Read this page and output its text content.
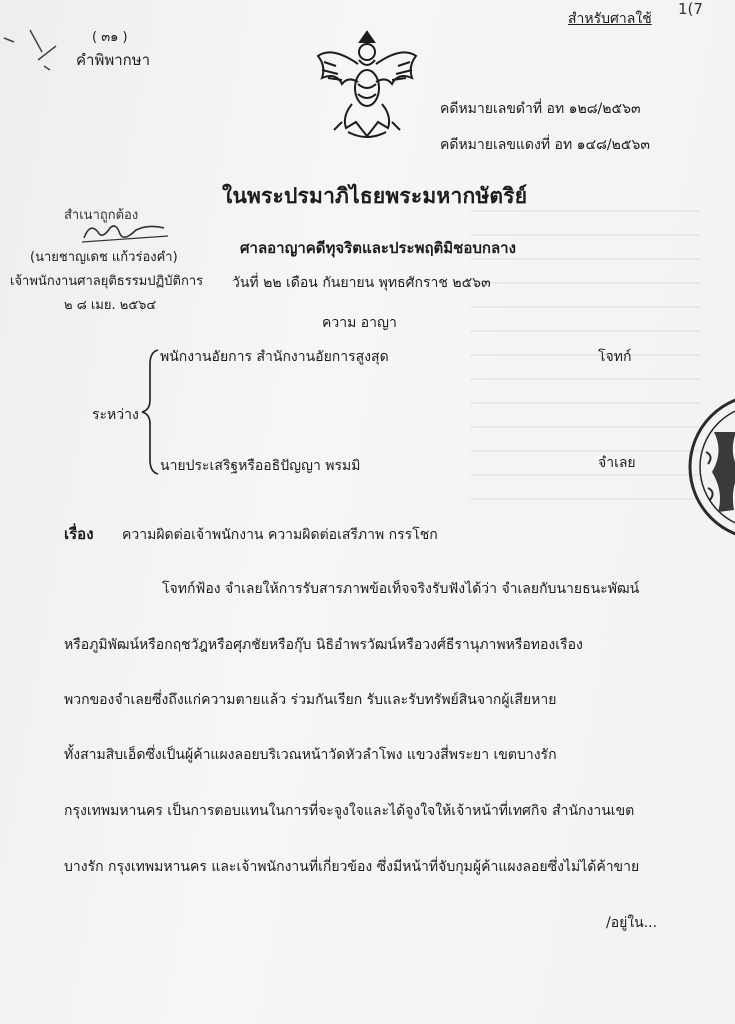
( ๓๑ )
คำพิพากษา
สำหรับศาลใช้
1(7
คดีหมายเลขดำที่ อท ๑๒๘/๒๕๖๓
คดีหมายเลขแดงที่ อท ๑๔๘/๒๕๖๓
ในพระปรมาภิไธยพระมหากษัตริย์
สำเนาถูกต้อง
(นายชาญเดช แก้วร่องคำ)
เจ้าพนักงานศาลยุติธรรมปฏิบัติการ
๒ ๘ เมย. ๒๕๖๔
ศาลอาญาคดีทุจริตและประพฤติมิชอบกลาง
วันที่ ๒๒ เดือน กันยายน พุทธศักราช ๒๕๖๓
ความ อาญา
พนักงานอัยการ สำนักงานอัยการสูงสุด	โจทก์
ระหว่าง
นายประเสริฐหรืออธิปัญญา พรมมิ	จำเลย
เรื่อง ความผิดต่อเจ้าพนักงาน ความผิดต่อเสรีภาพ กรรโชก
โจทก์ฟ้อง จำเลยให้การรับสารภาพข้อเท็จจริงรับฟังได้ว่า จำเลยกับนายธนะพัฒน์
หรือภูมิพัฒน์หรือกฤชวัฎหรือศุภชัยหรือกุ๊บ นิธิอำพรวัฒน์หรือวงศ์ธีรานุภาพหรือทองเรือง
พวกของจำเลยซึ่งถึงแก่ความตายแล้ว ร่วมกันเรียก รับและรับทรัพย์สินจากผู้เสียหาย
ทั้งสามสิบเอ็ดซึ่งเป็นผู้ค้าแผงลอยบริเวณหน้าวัดหัวลำโพง แขวงสี่พระยา เขตบางรัก
กรุงเทพมหานคร เป็นการตอบแทนในการที่จะจูงใจและได้จูงใจให้เจ้าหน้าที่เทศกิจ สำนักงานเขต
บางรัก กรุงเทพมหานคร และเจ้าพนักงานที่เกี่ยวข้อง ซึ่งมีหน้าที่จับกุมผู้ค้าแผงลอยซึ่งไม่ได้ค้าขาย
/อยู่ใน...
